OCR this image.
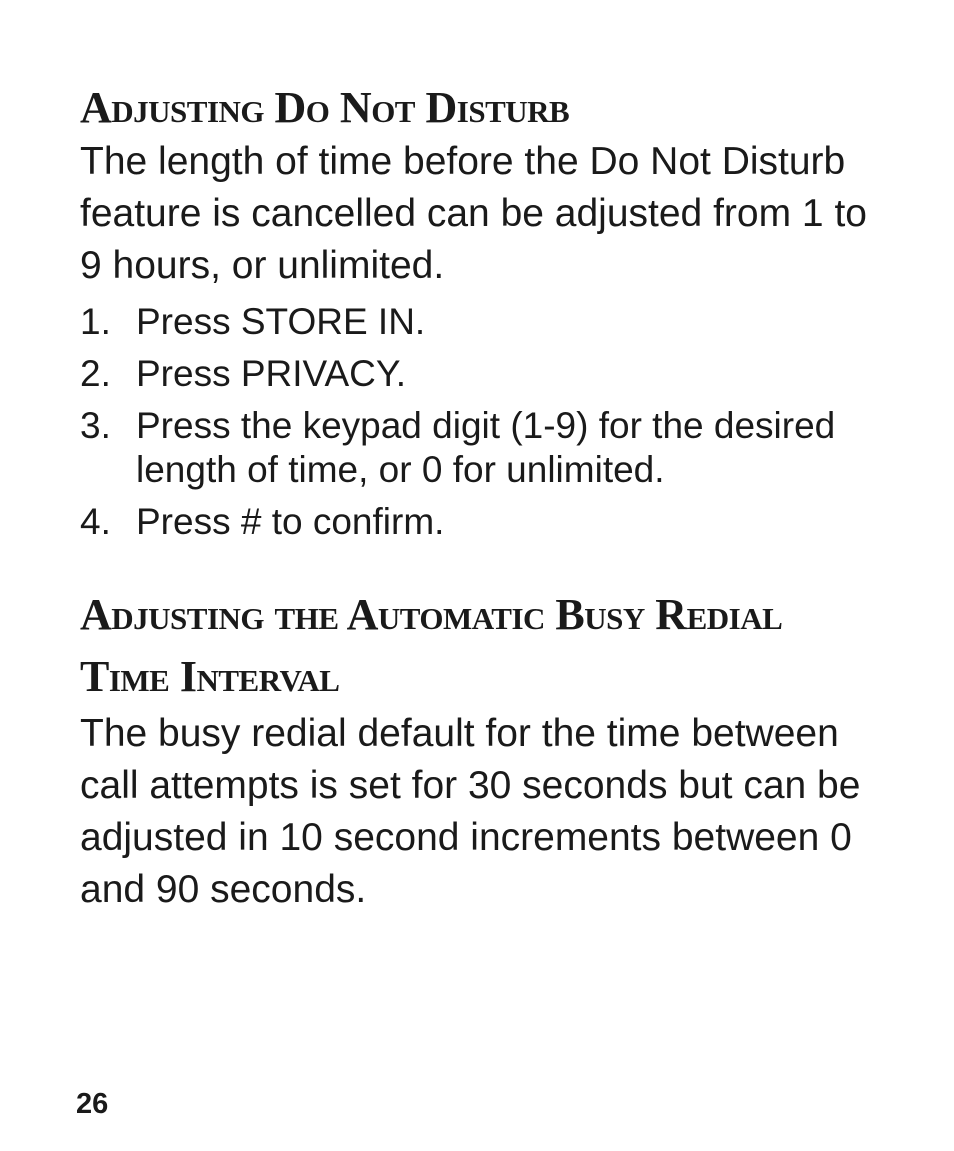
Adjusting Do Not Disturb

The length of time before the Do Not Disturb feature is cancelled can be adjusted from 1 to 9 hours, or unlimited.

1. Press STORE IN.
2. Press PRIVACY.
3. Press the keypad digit (1-9) for the desired length of time, or 0 for unlimited.
4. Press # to confirm.
Adjusting the Automatic Busy Redial Time Interval

The busy redial default for the time between call attempts is set for 30 seconds but can be adjusted in 10 second increments between 0 and 90 seconds.

26
